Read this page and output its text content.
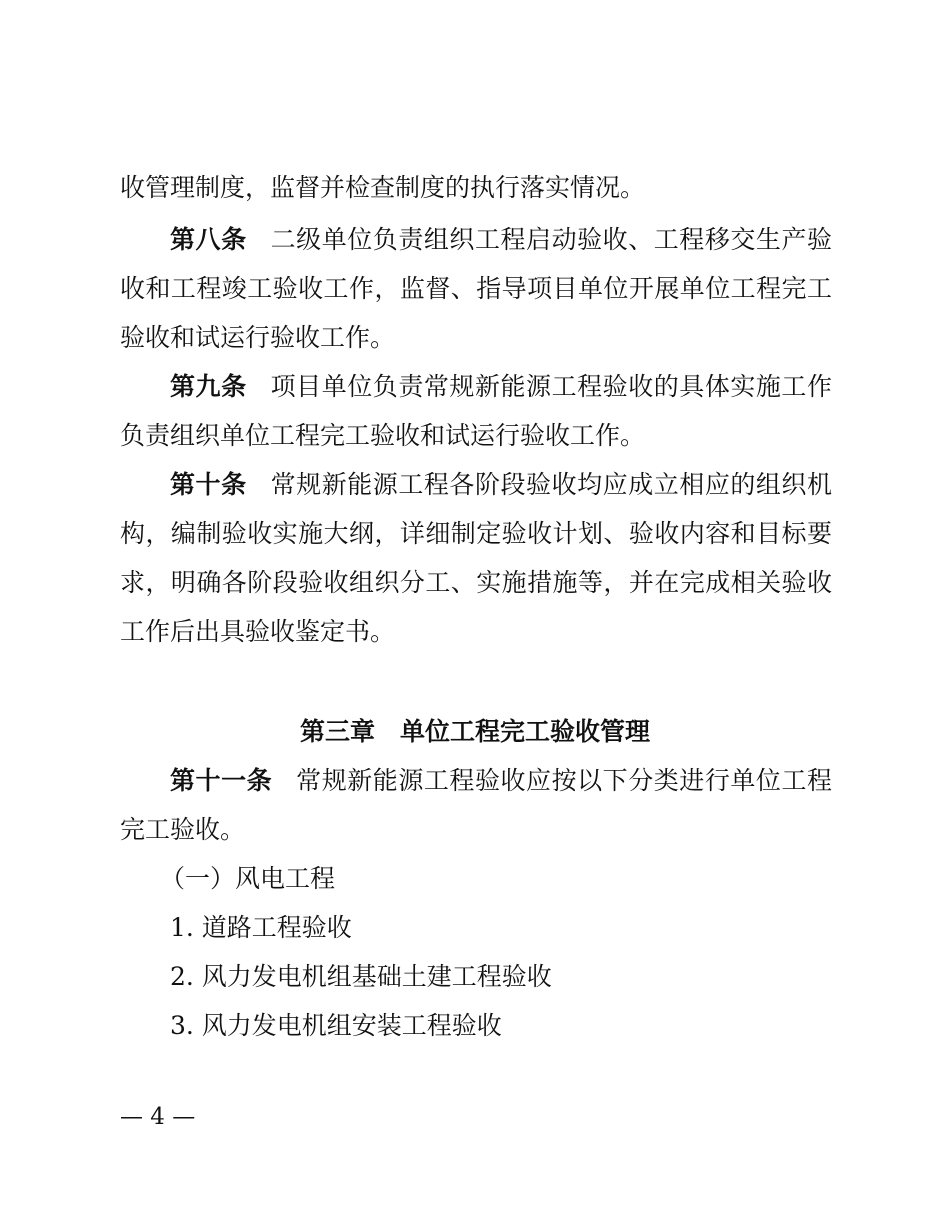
收管理制度，监督并检查制度的执行落实情况。
第八条 二级单位负责组织工程启动验收、工程移交生产验
收和工程竣工验收工作，监督、指导项目单位开展单位工程完工
验收和试运行验收工作。
第九条 项目单位负责常规新能源工程验收的具体实施工作
负责组织单位工程完工验收和试运行验收工作。
第十条 常规新能源工程各阶段验收均应成立相应的组织机
构，编制验收实施大纲，详细制定验收计划、验收内容和目标要
求，明确各阶段验收组织分工、实施措施等，并在完成相关验收
工作后出具验收鉴定书。
第三章　单位工程完工验收管理
第十一条 常规新能源工程验收应按以下分类进行单位工程
完工验收。
（一）风电工程
1. 道路工程验收
2. 风力发电机组基础土建工程验收
3. 风力发电机组安装工程验收
— 4 —
